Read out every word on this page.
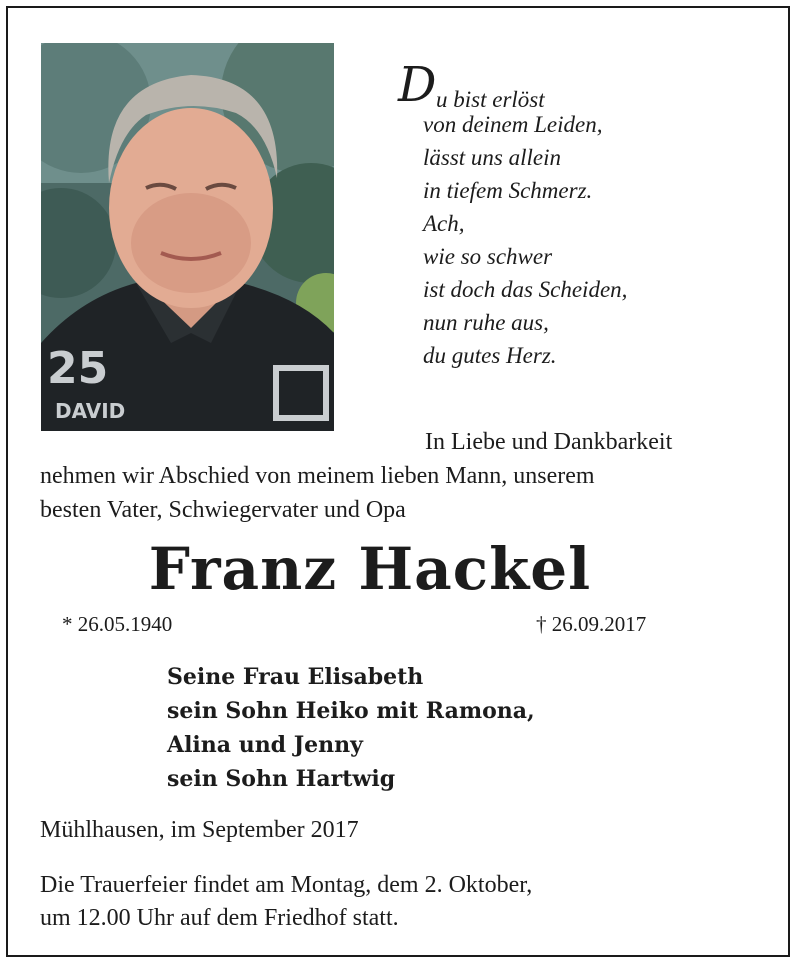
25
DAVID
D u bist erlöst
von deinem Leiden,
lässt uns allein
in tiefem Schmerz.
Ach,
wie so schwer
ist doch das Scheiden,
nun ruhe aus,
du gutes Herz.
In Liebe und Dankbarkeit
nehmen wir Abschied von meinem lieben Mann, unserem
besten Vater, Schwiegervater und Opa
Franz Hackel
* 26.05.1940	† 26.09.2017
Seine Frau Elisabeth
sein Sohn Heiko mit Ramona,
Alina und Jenny
sein Sohn Hartwig
Mühlhausen, im September 2017
Die Trauerfeier findet am Montag, dem 2. Oktober,
um 12.00 Uhr auf dem Friedhof statt.
